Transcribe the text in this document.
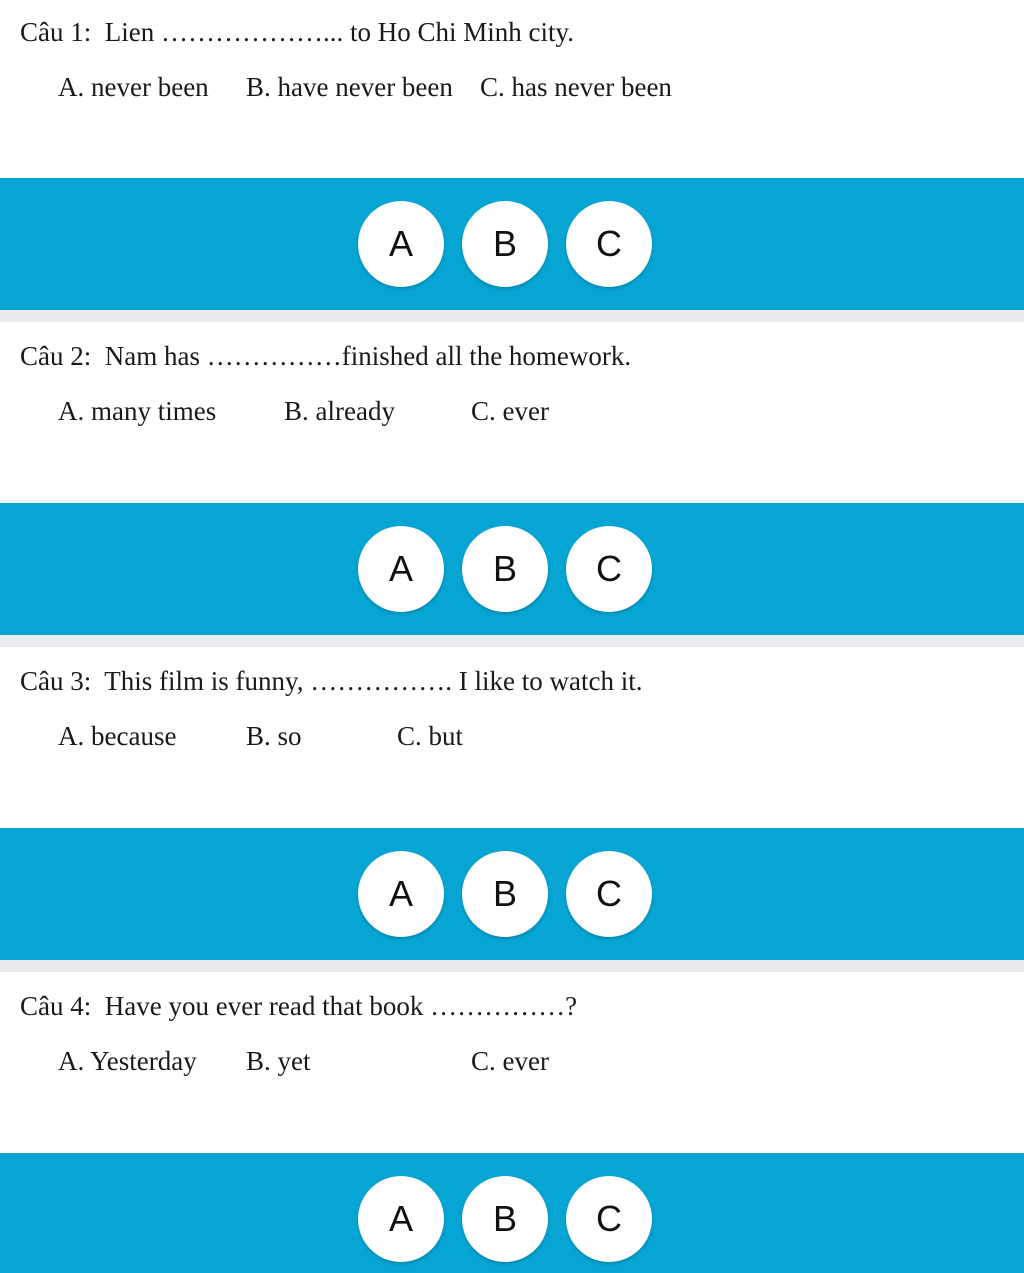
Câu 1:  Lien ………………... to Ho Chi Minh city.
A. never been B. have never been C. has never been
A	B	C
Câu 2:  Nam has ……………finished all the homework.
A. many times	B. already	C. ever
A	B	C
Câu 3:  This film is funny, ……………. I like to watch it.
A. because	B. so	C. but
A	B	C
Câu 4:  Have you ever read that book ……………?
A. Yesterday B. yet	C. ever
A	B	C
